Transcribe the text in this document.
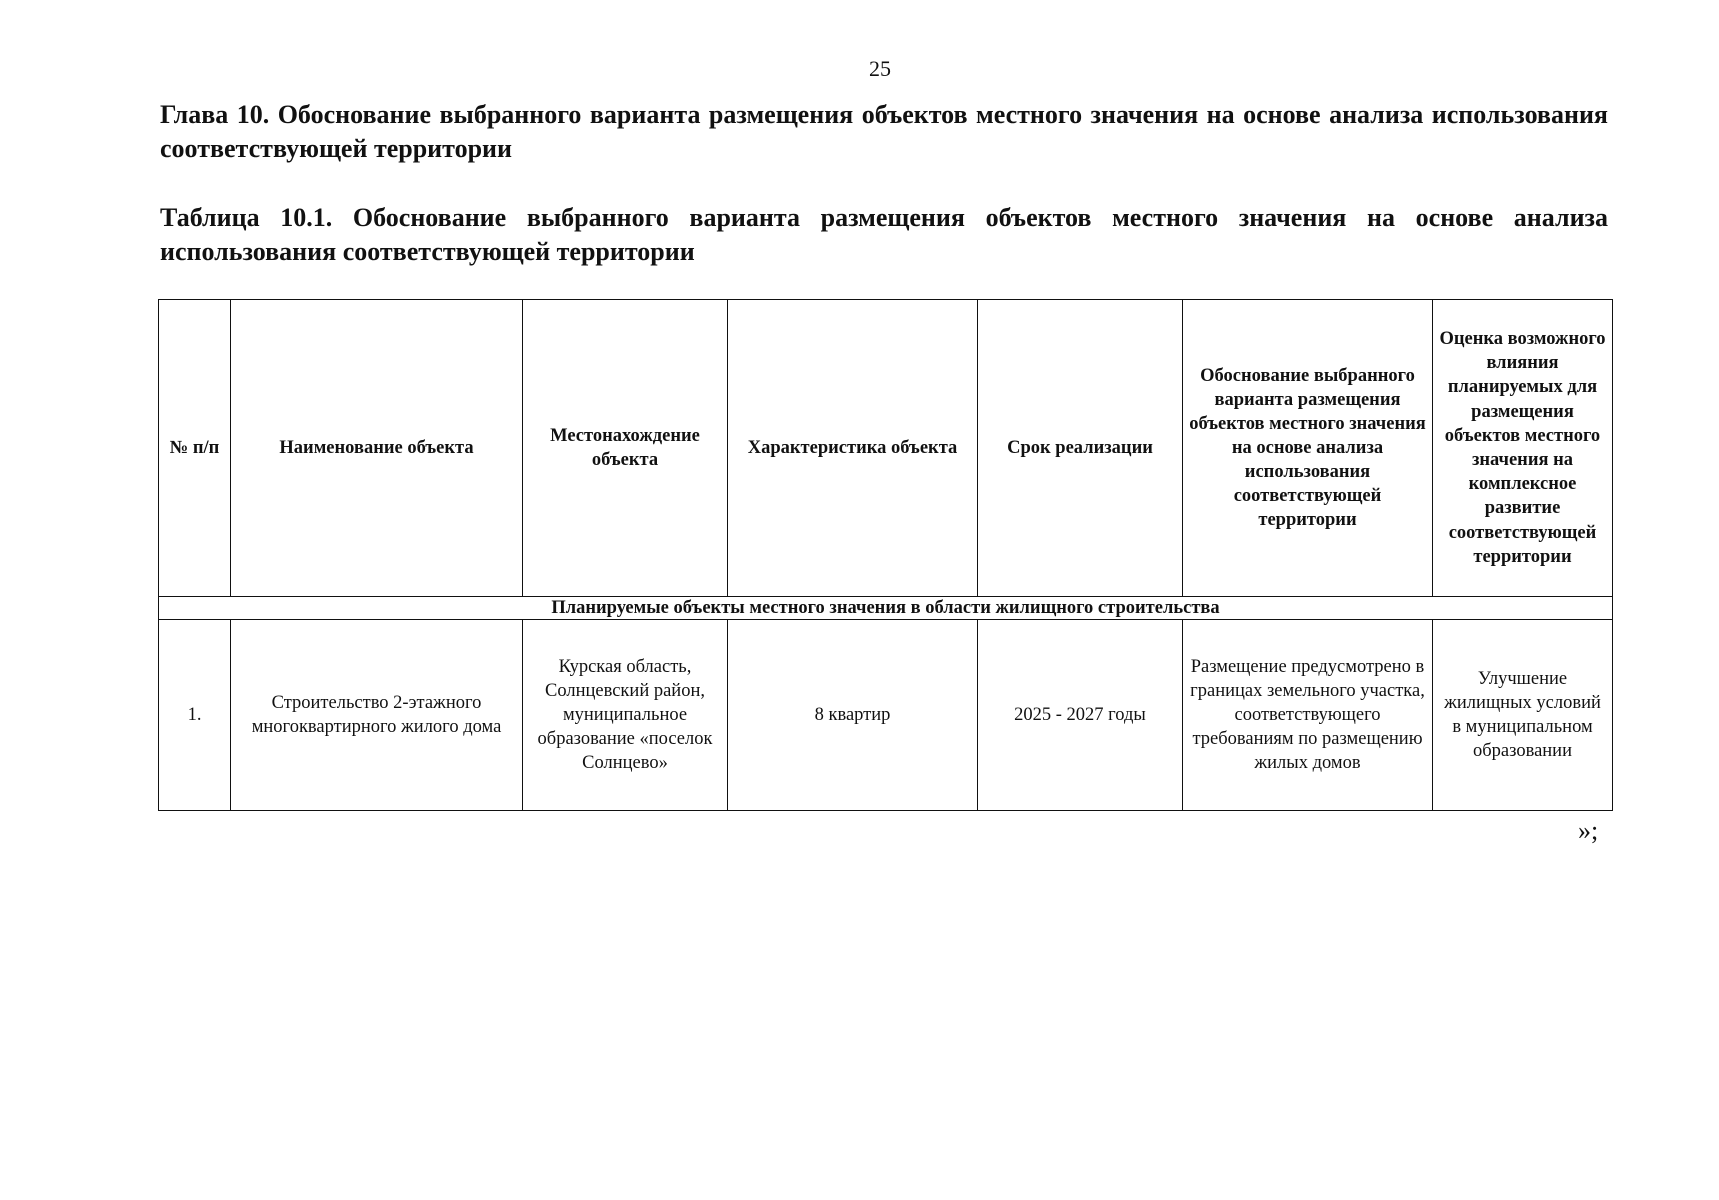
25
Глава 10. Обоснование выбранного варианта размещения объектов местного значения на основе анализа использования соответствующей территории
Таблица 10.1. Обоснование выбранного варианта размещения объектов местного значения на основе анализа использования соответствующей территории
№ п/п	Наименование объекта	Местонахождение объекта	Характеристика объекта	Срок реализации	Обоснование выбранного варианта размещения объектов местного значения на основе анализа использования соответствующей территории	Оценка возможного влияния планируемых для размещения объектов местного значения на комплексное развитие соответствующей территории
Планируемые объекты местного значения в области жилищного строительства						
1.	Строительство 2-этажного многоквартирного жилого дома	Курская область, Солнцевский район, муниципальное образование «поселок Солнцево»	8 квартир	2025 - 2027 годы	Размещение предусмотрено в границах земельного участка, соответствующего требованиям по размещению жилых домов	Улучшение жилищных условий в муниципальном образовании
»;
